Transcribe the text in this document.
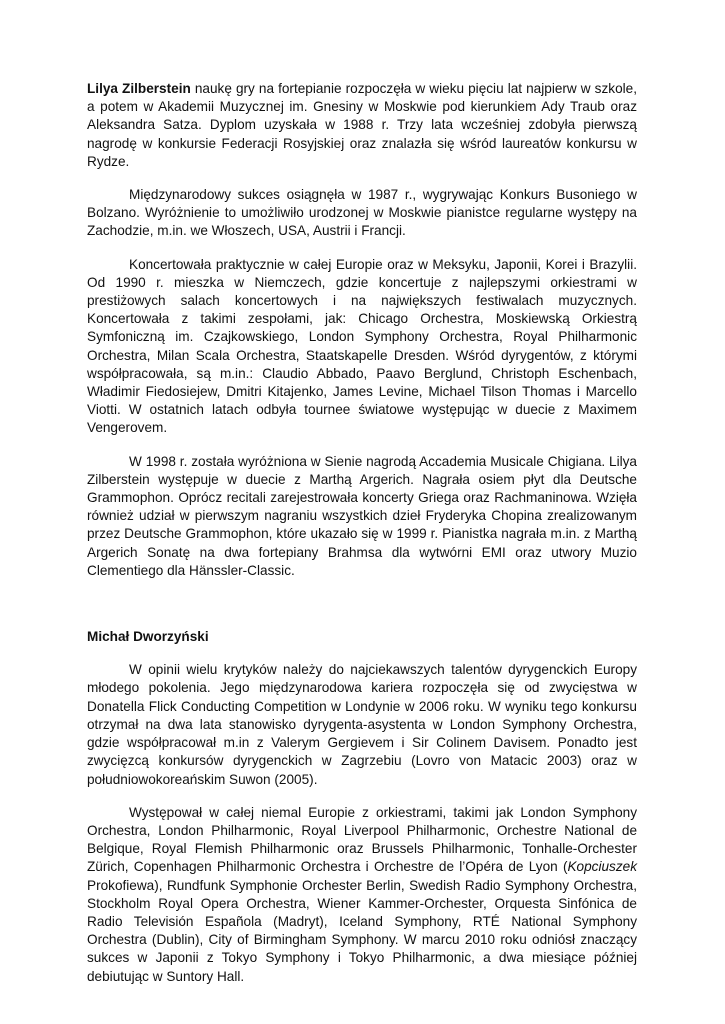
Lilya Zilberstein naukę gry na fortepianie rozpoczęła w wieku pięciu lat najpierw w szkole, a potem w Akademii Muzycznej im. Gnesiny w Moskwie pod kierunkiem Ady Traub oraz Aleksandra Satza. Dyplom uzyskała w 1988 r. Trzy lata wcześniej zdobyła pierwszą nagrodę w konkursie Federacji Rosyjskiej oraz znalazła się wśród laureatów konkursu w Rydze.

Międzynarodowy sukces osiągnęła w 1987 r., wygrywając Konkurs Busoniego w Bolzano. Wyróżnienie to umożliwiło urodzonej w Moskwie pianistce regularne występy na Zachodzie, m.in. we Włoszech, USA, Austrii i Francji.

Koncertowała praktycznie w całej Europie oraz w Meksyku, Japonii, Korei i Brazylii. Od 1990 r. mieszka w Niemczech, gdzie koncertuje z najlepszymi orkiestrami w prestiżowych salach koncertowych i na największych festiwalach muzycznych. Koncertowała z takimi zespołami, jak: Chicago Orchestra, Moskiewską Orkiestrą Symfoniczną im. Czajkowskiego, London Symphony Orchestra, Royal Philharmonic Orchestra, Milan Scala Orchestra, Staatskapelle Dresden. Wśród dyrygentów, z którymi współpracowała, są m.in.: Claudio Abbado, Paavo Berglund, Christoph Eschenbach, Władimir Fiedosiejew, Dmitri Kitajenko, James Levine, Michael Tilson Thomas i Marcello Viotti. W ostatnich latach odbyła tournee światowe występując w duecie z Maximem Vengerovem.

W 1998 r. została wyróżniona w Sienie nagrodą Accademia Musicale Chigiana. Lilya Zilberstein występuje w duecie z Marthą Argerich. Nagrała osiem płyt dla Deutsche Grammophon. Oprócz recitali zarejestrowała koncerty Griega oraz Rachmaninowa. Wzięła również udział w pierwszym nagraniu wszystkich dzieł Fryderyka Chopina zrealizowanym przez Deutsche Grammophon, które ukazało się w 1999 r. Pianistka nagrała m.in. z Marthą Argerich Sonatę na dwa fortepiany Brahmsa dla wytwórni EMI oraz utwory Muzio Clementiego dla Hänssler-Classic.

Michał Dworzyński

W opinii wielu krytyków należy do najciekawszych talentów dyrygenckich Europy młodego pokolenia. Jego międzynarodowa kariera rozpoczęła się od zwycięstwa w Donatella Flick Conducting Competition w Londynie w 2006 roku. W wyniku tego konkursu otrzymał na dwa lata stanowisko dyrygenta-asystenta w London Symphony Orchestra, gdzie współpracował m.in z Valerym Gergievem i Sir Colinem Davisem. Ponadto jest zwycięzcą konkursów dyrygenckich w Zagrzebiu (Lovro von Matacic 2003) oraz w południowokoreańskim Suwon (2005).

Występował w całej niemal Europie z orkiestrami, takimi jak London Symphony Orchestra, London Philharmonic, Royal Liverpool Philharmonic, Orchestre National de Belgique, Royal Flemish Philharmonic oraz Brussels Philharmonic, Tonhalle-Orchester Zürich, Copenhagen Philharmonic Orchestra i Orchestre de l’Opéra de Lyon (Kopciuszek Prokofiewa), Rundfunk Symphonie Orchester Berlin, Swedish Radio Symphony Orchestra, Stockholm Royal Opera Orchestra, Wiener Kammer-Orchester, Orquesta Sinfónica de Radio Televisión Española (Madryt), Iceland Symphony, RTÉ National Symphony Orchestra (Dublin), City of Birmingham Symphony. W marcu 2010 roku odniósł znaczący sukces w Japonii z Tokyo Symphony i Tokyo Philharmonic, a dwa miesiące później debiutując w Suntory Hall.
